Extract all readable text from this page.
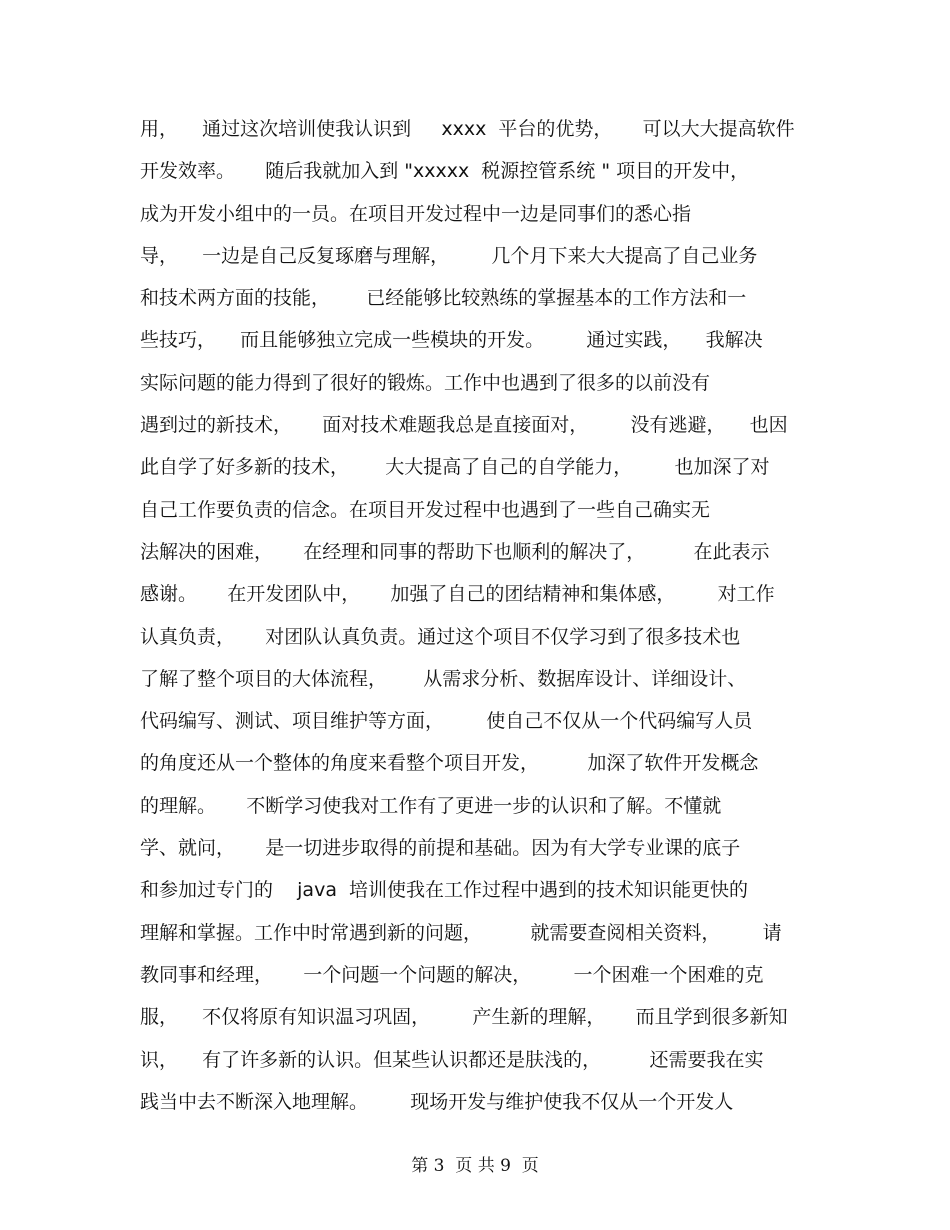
用，    通过这次培训使我认识到     xxxx  平台的优势，     可以大大提高软件
开发效率。     随后我就加入到 "xxxxx  税源控管系统 " 项目的开发中，
成为开发小组中的一员。在项目开发过程中一边是同事们的悉心指
导，    一边是自己反复琢磨与理解，       几个月下来大大提高了自己业务
和技术两方面的技能，      已经能够比较熟练的掌握基本的工作方法和一
些技巧，    而且能够独立完成一些模块的开发。       通过实践，    我解决
实际问题的能力得到了很好的锻炼。工作中也遇到了很多的以前没有
遇到过的新技术，     面对技术难题我总是直接面对，       没有逃避，    也因
此自学了好多新的技术，      大大提高了自己的自学能力，       也加深了对
自己工作要负责的信念。在项目开发过程中也遇到了一些自己确实无
法解决的困难，     在经理和同事的帮助下也顺利的解决了，        在此表示
感谢。     在开发团队中，     加强了自己的团结精神和集体感，       对工作
认真负责，     对团队认真负责。通过这个项目不仅学习到了很多技术也
了解了整个项目的大体流程，      从需求分析、数据库设计、详细设计、
代码编写、测试、项目维护等方面，       使自己不仅从一个代码编写人员
的角度还从一个整体的角度来看整个项目开发，        加深了软件开发概念
的理解。     不断学习使我对工作有了更进一步的认识和了解。不懂就
学、就问，     是一切进步取得的前提和基础。因为有大学专业课的底子
和参加过专门的    java  培训使我在工作过程中遇到的技术知识能更快的
理解和掌握。工作中时常遇到新的问题，        就需要查阅相关资料，       请
教同事和经理，     一个问题一个问题的解决，       一个困难一个困难的克
服，    不仅将原有知识温习巩固，       产生新的理解，     而且学到很多新知
识，    有了许多新的认识。但某些认识都还是肤浅的，        还需要我在实
践当中去不断深入地理解。       现场开发与维护使我不仅从一个开发人
第 3  页 共 9  页
